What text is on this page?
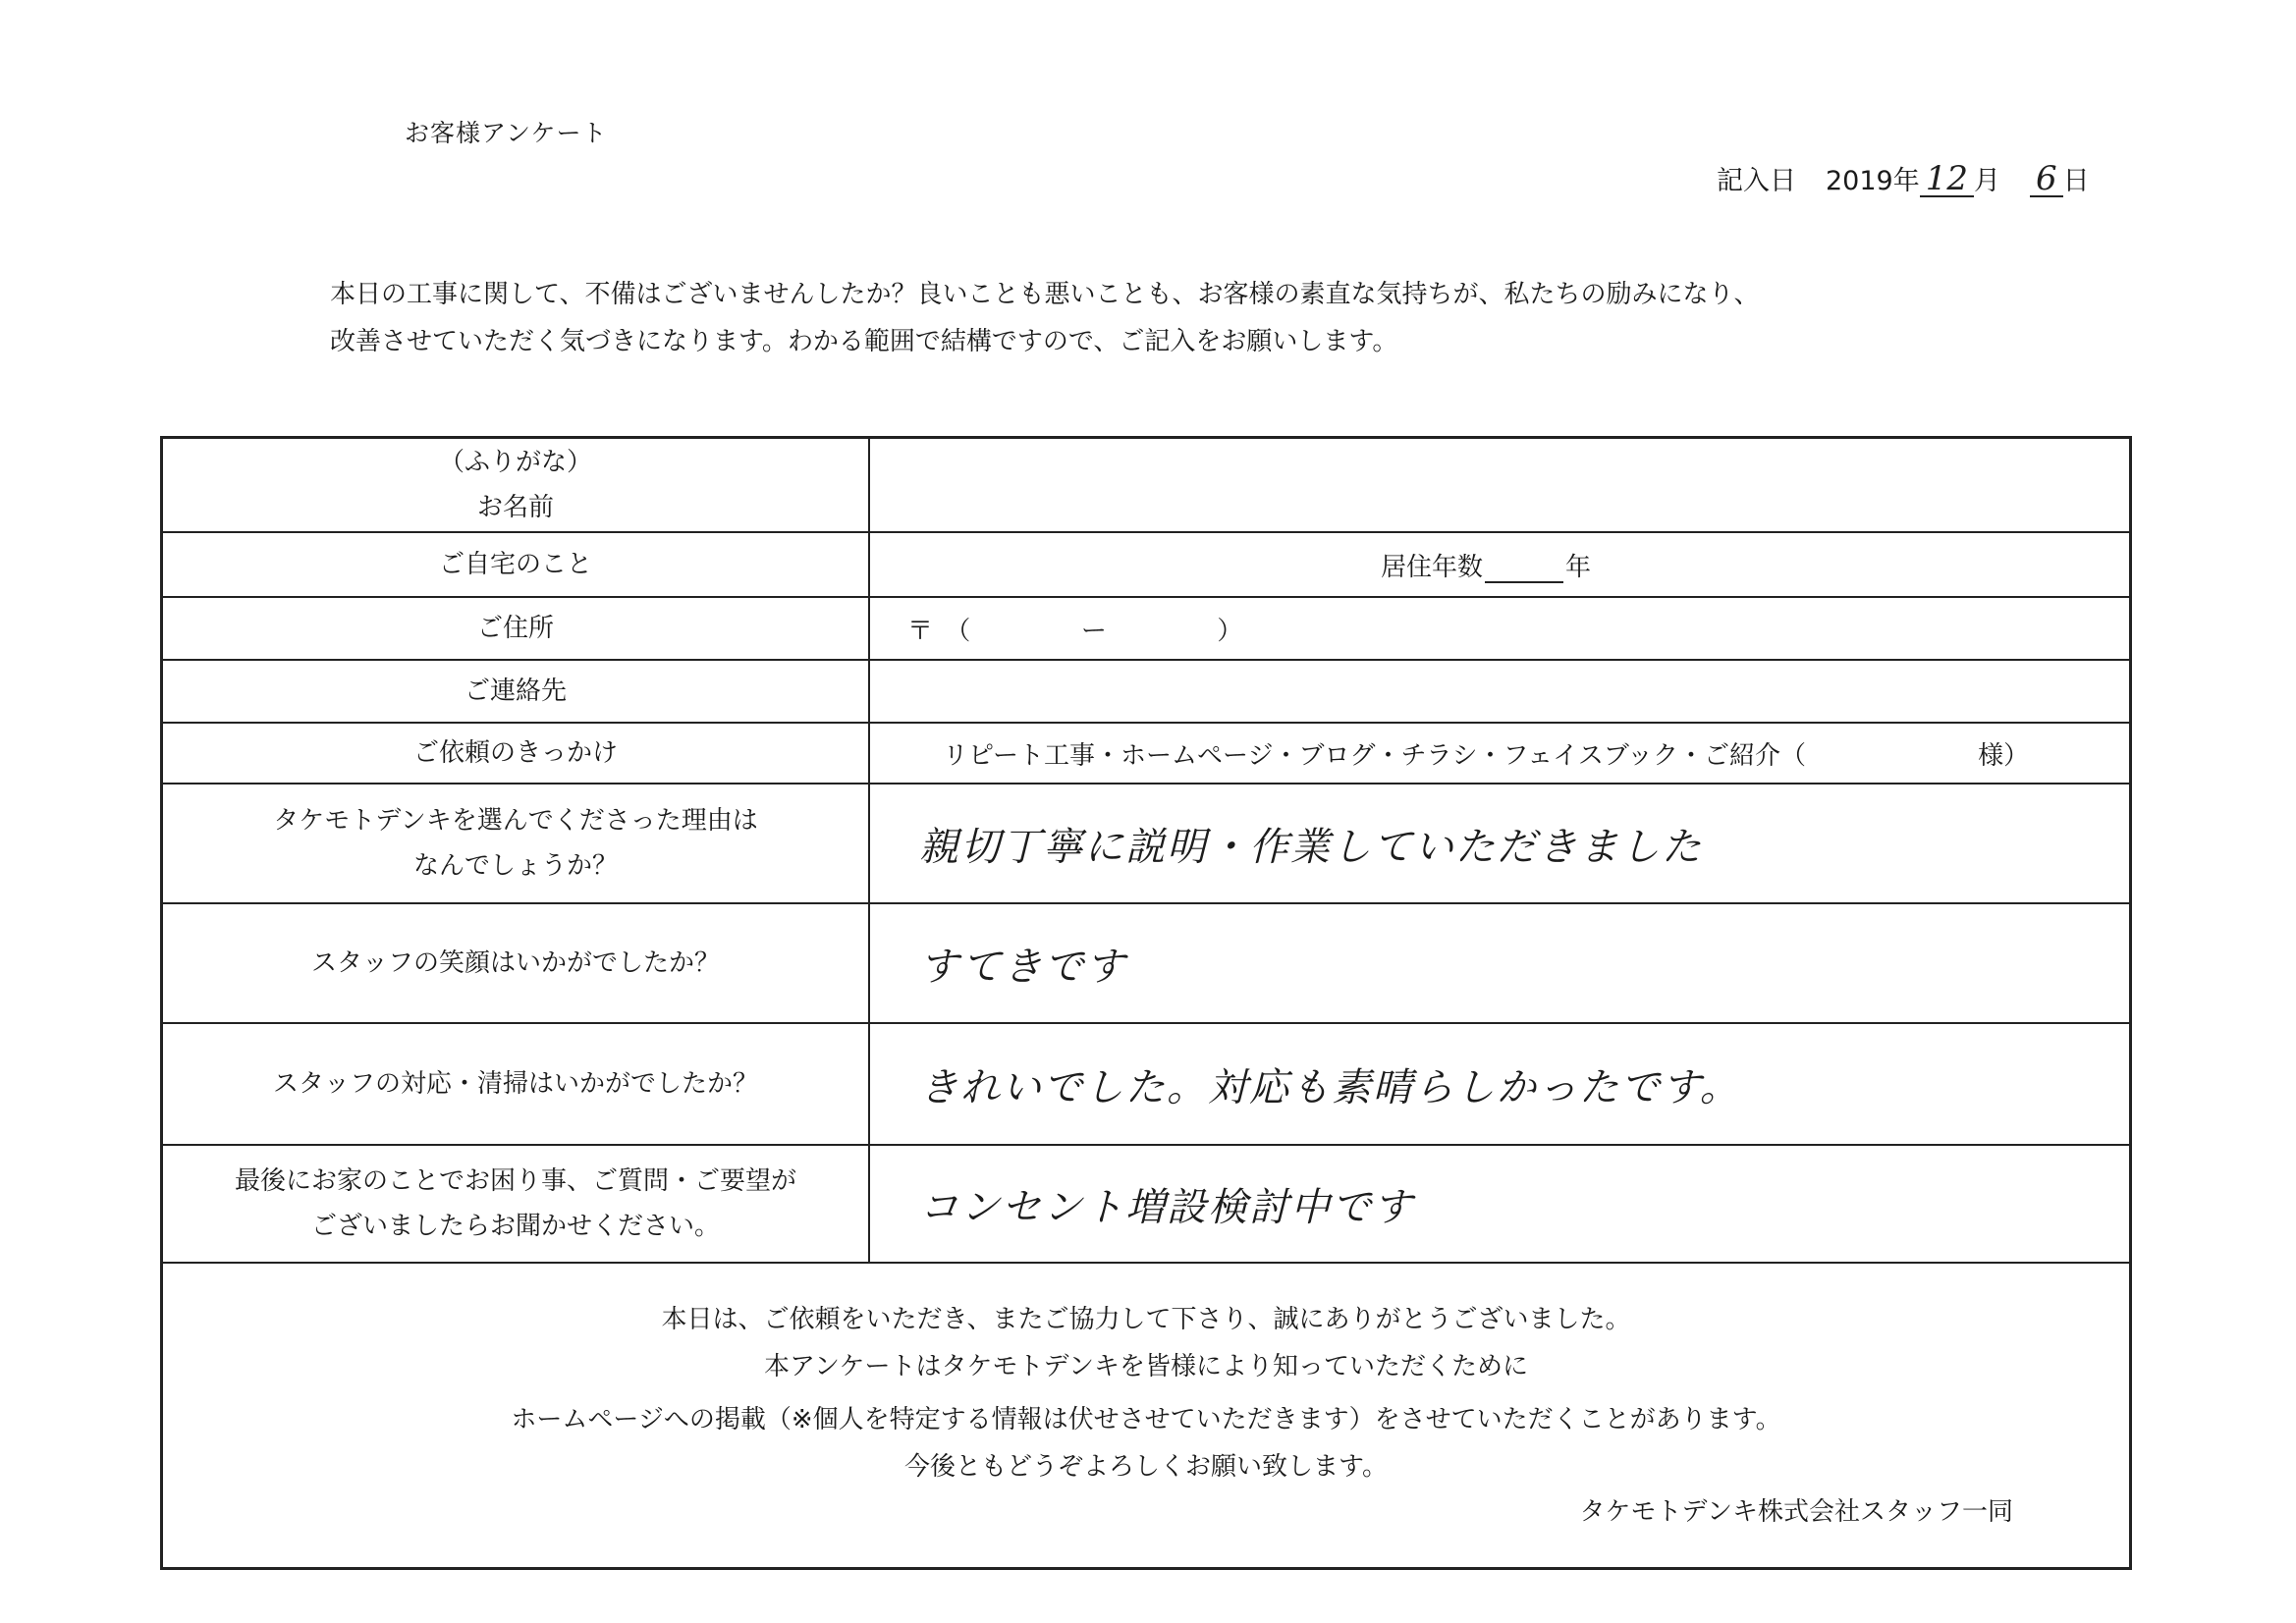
お客様アンケート
記入日 2019年 12 月 6 日
本日の工事に関して、不備はございませんしたか？良いことも悪いことも、お客様の素直な気持ちが、私たちの励みになり、
改善させていただく気づきになります。わかる範囲で結構ですので、ご記入をお願いします。
（ふりがな）
お名前
ご自宅のこと	居住年数	年
ご住所	〒 （	ー	）
ご連絡先
ご依頼のきっかけ	リピート工事・ホームページ・ブログ・チラシ・フェイスブック・ご紹介（	様）
タケモトデンキを選んでくださった理由は
なんでしょうか？	親切丁寧に説明・作業していただきました
スタッフの笑顔はいかがでしたか？	すてきです
スタッフの対応・清掃はいかがでしたか？	きれいでした。対応も素晴らしかったです。
最後にお家のことでお困り事、ご質問・ご要望が
ございましたらお聞かせください。	コンセント増設検討中です
本日は、ご依頼をいただき、またご協力して下さり、誠にありがとうございました。
本アンケートはタケモトデンキを皆様により知っていただくために
ホームページへの掲載（※個人を特定する情報は伏せさせていただきます）をさせていただくことがあります。
今後ともどうぞよろしくお願い致します。
タケモトデンキ株式会社スタッフ一同
